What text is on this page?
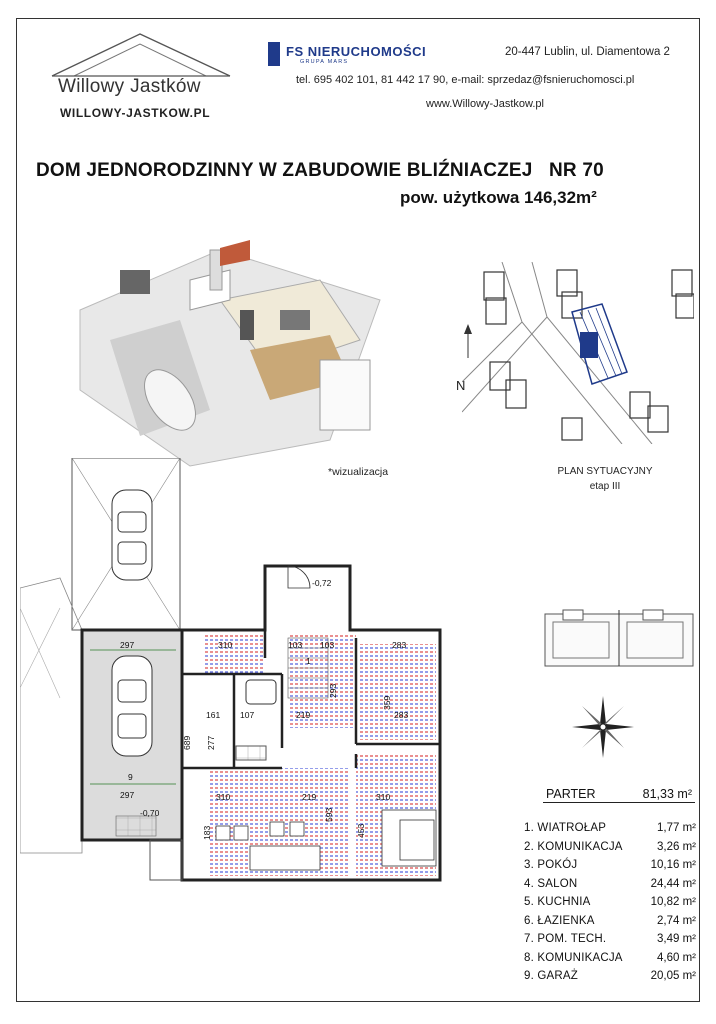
Willowy Jastków
WILLOWY-JASTKOW.PL
FS NIERUCHOMOŚCI
GRUPA MARS
20-447 Lublin, ul. Diamentowa 2
tel. 695 402 101, 81 442 17 90, e-mail: sprzedaz@fsnieruchomosci.pl
www.Willowy-Jastkow.pl
DOM JEDNORODZINNY W ZABUDOWIE BLIŹNIACZEJ   NR 70
pow. użytkowa 146,32m²
*wizualizacja
N
PLAN SYTUACYJNY
etap III
297
297
689
310	103 103	283
293
359
283
161 107	219
277
219
310	310
593
453
183
-0,72
-0,70
9
1
PARTER	81,33 m²
1. WIATROŁAP	1,77 m²
2. KOMUNIKACJA	3,26 m²
3. POKÓJ	10,16 m²
4. SALON	24,44 m²
5. KUCHNIA	10,82 m²
6. ŁAZIENKA	2,74 m²
7. POM. TECH.	3,49 m²
8. KOMUNIKACJA	4,60 m²
9. GARAŻ	20,05 m²
